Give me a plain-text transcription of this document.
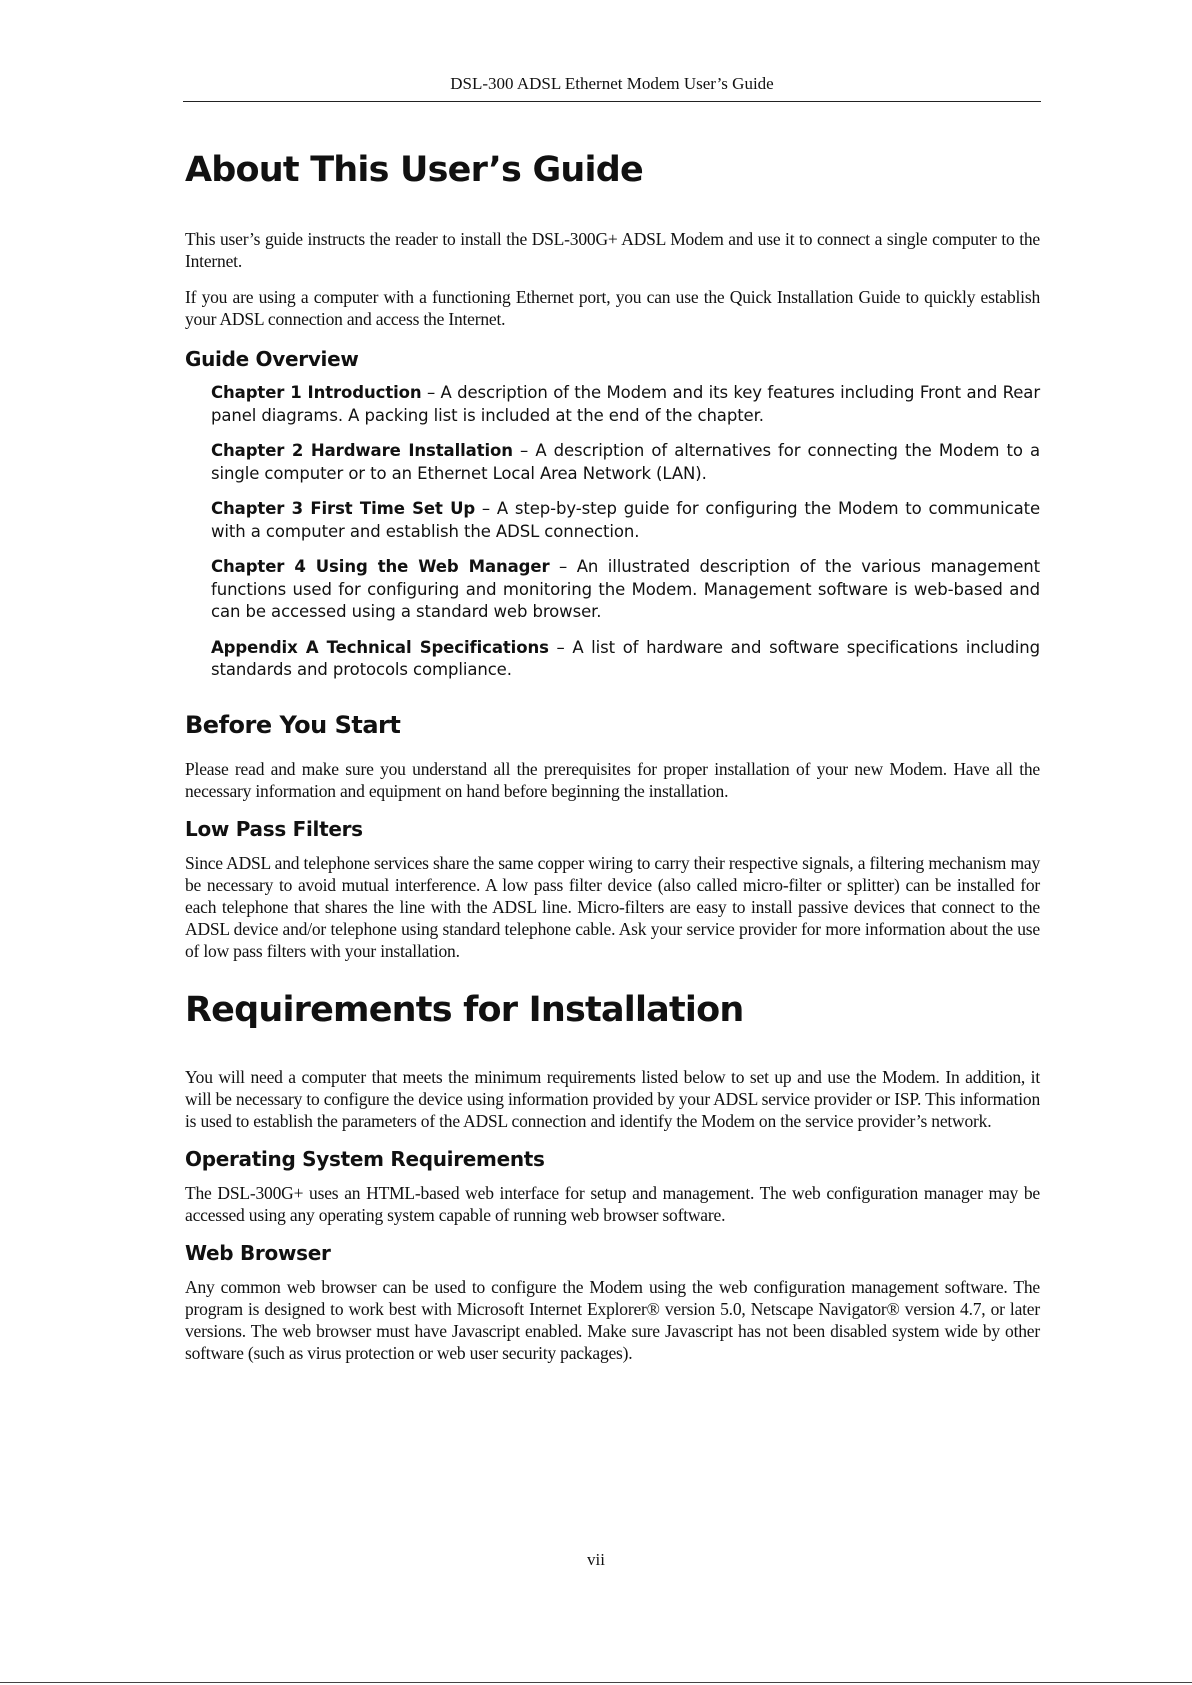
DSL-300 ADSL Ethernet Modem User’s Guide
About This User’s Guide

This user’s guide instructs the reader to install the DSL-300G+ ADSL Modem and use it to connect a single computer to the Internet.

If you are using a computer with a functioning Ethernet port, you can use the Quick Installation Guide to quickly establish your ADSL connection and access the Internet.

Guide Overview

Chapter 1 Introduction – A description of the Modem and its key features including Front and Rear panel diagrams. A packing list is included at the end of the chapter.

Chapter 2 Hardware Installation – A description of alternatives for connecting the Modem to a single computer or to an Ethernet Local Area Network (LAN).

Chapter 3 First Time Set Up – A step-by-step guide for configuring the Modem to communicate with a computer and establish the ADSL connection.

Chapter 4 Using the Web Manager – An illustrated description of the various management functions used for configuring and monitoring the Modem. Management software is web-based and can be accessed using a standard web browser.

Appendix A Technical Specifications – A list of hardware and software specifications including standards and protocols compliance.

Before You Start

Please read and make sure you understand all the prerequisites for proper installation of your new Modem. Have all the necessary information and equipment on hand before beginning the installation.

Low Pass Filters

Since ADSL and telephone services share the same copper wiring to carry their respective signals, a filtering mechanism may be necessary to avoid mutual interference. A low pass filter device (also called micro-filter or splitter) can be installed for each telephone that shares the line with the ADSL line. Micro-filters are easy to install passive devices that connect to the ADSL device and/or telephone using standard telephone cable. Ask your service provider for more information about the use of low pass filters with your installation.

Requirements for Installation

You will need a computer that meets the minimum requirements listed below to set up and use the Modem. In addition, it will be necessary to configure the device using information provided by your ADSL service provider or ISP. This information is used to establish the parameters of the ADSL connection and identify the Modem on the service provider’s network.

Operating System Requirements

The DSL-300G+ uses an HTML-based web interface for setup and management. The web configuration manager may be accessed using any operating system capable of running web browser software.

Web Browser

Any common web browser can be used to configure the Modem using the web configuration management software. The program is designed to work best with Microsoft Internet Explorer® version 5.0, Netscape Navigator® version 4.7, or later versions. The web browser must have Javascript enabled. Make sure Javascript has not been disabled system wide by other software (such as virus protection or web user security packages).

vii
